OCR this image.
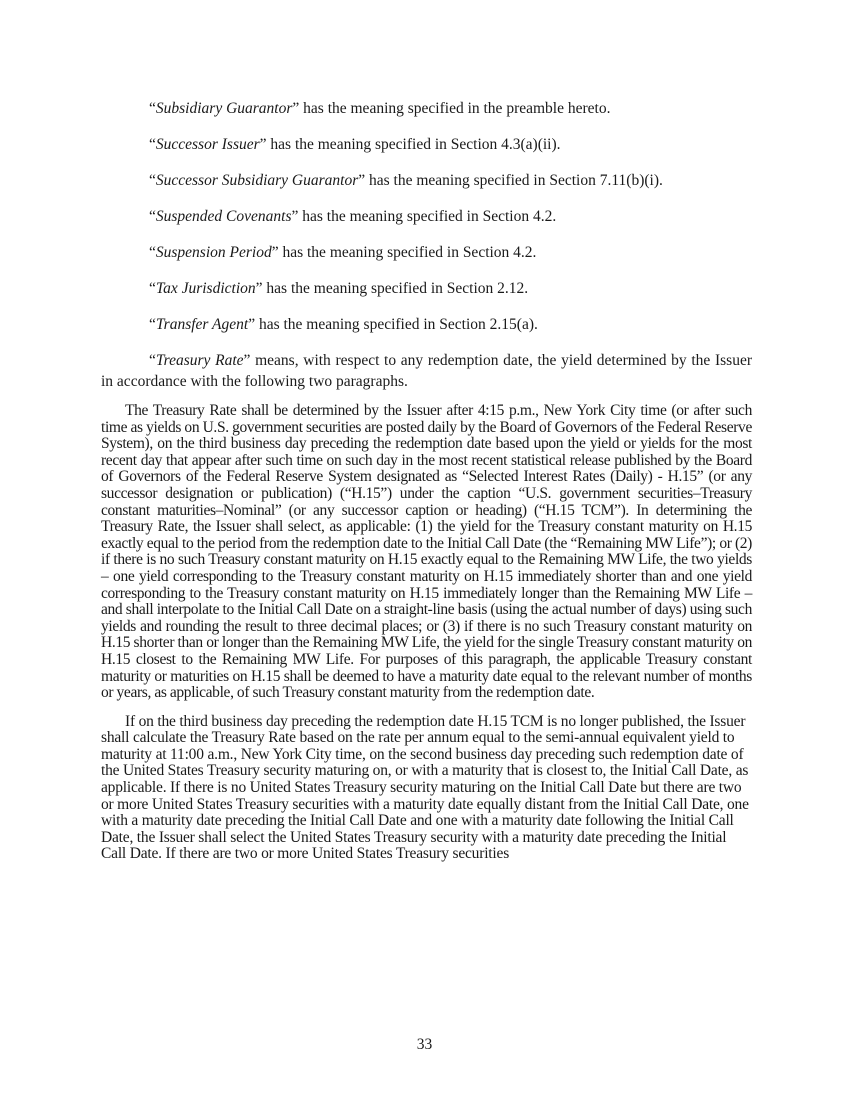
“Subsidiary Guarantor” has the meaning specified in the preamble hereto.

“Successor Issuer” has the meaning specified in Section 4.3(a)(ii).

“Successor Subsidiary Guarantor” has the meaning specified in Section 7.11(b)(i).

“Suspended Covenants” has the meaning specified in Section 4.2.

“Suspension Period” has the meaning specified in Section 4.2.

“Tax Jurisdiction” has the meaning specified in Section 2.12.

“Transfer Agent” has the meaning specified in Section 2.15(a).

“Treasury Rate” means, with respect to any redemption date, the yield determined by the Issuer in accordance with the following two paragraphs.

The Treasury Rate shall be determined by the Issuer after 4:15 p.m., New York City time (or after such time as yields on U.S. government securities are posted daily by the Board of Governors of the Federal Reserve System), on the third business day preceding the redemption date based upon the yield or yields for the most recent day that appear after such time on such day in the most recent statistical release published by the Board of Governors of the Federal Reserve System designated as “Selected Interest Rates (Daily) - H.15” (or any successor designation or publication) (“H.15”) under the caption “U.S. government securities–Treasury constant maturities–Nominal” (or any successor caption or heading) (“H.15 TCM”). In determining the Treasury Rate, the Issuer shall select, as applicable: (1) the yield for the Treasury constant maturity on H.15 exactly equal to the period from the redemption date to the Initial Call Date (the “Remaining MW Life”); or (2) if there is no such Treasury constant maturity on H.15 exactly equal to the Remaining MW Life, the two yields – one yield corresponding to the Treasury constant maturity on H.15 immediately shorter than and one yield corresponding to the Treasury constant maturity on H.15 immediately longer than the Remaining MW Life – and shall interpolate to the Initial Call Date on a straight-line basis (using the actual number of days) using such yields and rounding the result to three decimal places; or (3) if there is no such Treasury constant maturity on H.15 shorter than or longer than the Remaining MW Life, the yield for the single Treasury constant maturity on H.15 closest to the Remaining MW Life. For purposes of this paragraph, the applicable Treasury constant maturity or maturities on H.15 shall be deemed to have a maturity date equal to the relevant number of months or years, as applicable, of such Treasury constant maturity from the redemption date.

If on the third business day preceding the redemption date H.15 TCM is no longer published, the Issuer shall calculate the Treasury Rate based on the rate per annum equal to the semi-annual equivalent yield to maturity at 11:00 a.m., New York City time, on the second business day preceding such redemption date of the United States Treasury security maturing on, or with a maturity that is closest to, the Initial Call Date, as applicable. If there is no United States Treasury security maturing on the Initial Call Date but there are two or more United States Treasury securities with a maturity date equally distant from the Initial Call Date, one with a maturity date preceding the Initial Call Date and one with a maturity date following the Initial Call Date, the Issuer shall select the United States Treasury security with a maturity date preceding the Initial Call Date. If there are two or more United States Treasury securities

33
